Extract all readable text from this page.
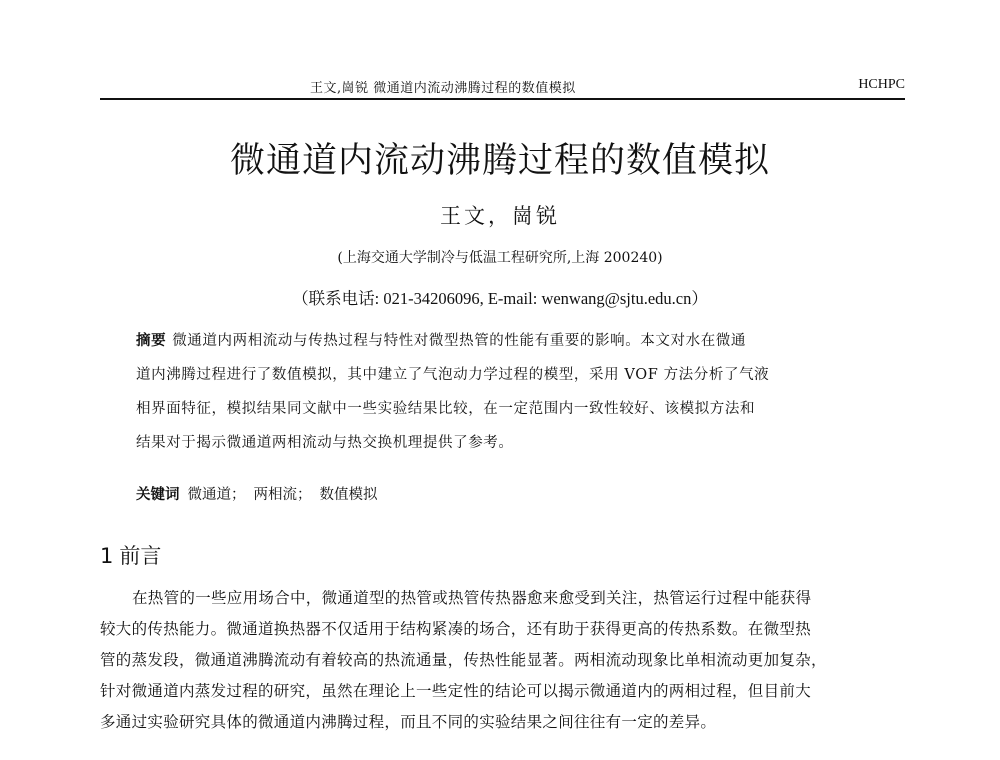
王文,崗锐 微通道内流动沸腾过程的数值模拟	HCHPC
微通道内流动沸腾过程的数值模拟
王文，崗锐
(上海交通大学制冷与低温工程研究所,上海 200240)
（联系电话: 021-34206096, E-mail: wenwang@sjtu.edu.cn）
摘要 微通道内两相流动与传热过程与特性对微型热管的性能有重要的影响。本文对水在微通
道内沸腾过程进行了数值模拟，其中建立了气泡动力学过程的模型，采用 VOF 方法分析了气液
相界面特征，模拟结果同文献中一些实验结果比较，在一定范围内一致性较好、该模拟方法和
结果对于揭示微通道两相流动与热交换机理提供了参考。
关键词 微通道； 两相流； 数值模拟
1 前言
在热管的一些应用场合中，微通道型的热管或热管传热器愈来愈受到关注，热管运行过程中能获得
较大的传热能力。微通道换热器不仅适用于结构紧凑的场合，还有助于获得更高的传热系数。在微型热
管的蒸发段，微通道沸腾流动有着较高的热流通量，传热性能显著。两相流动现象比单相流动更加复杂，
针对微通道内蒸发过程的研究，虽然在理论上一些定性的结论可以揭示微通道内的两相过程，但目前大
多通过实验研究具体的微通道内沸腾过程，而且不同的实验结果之间往往有一定的差异。
